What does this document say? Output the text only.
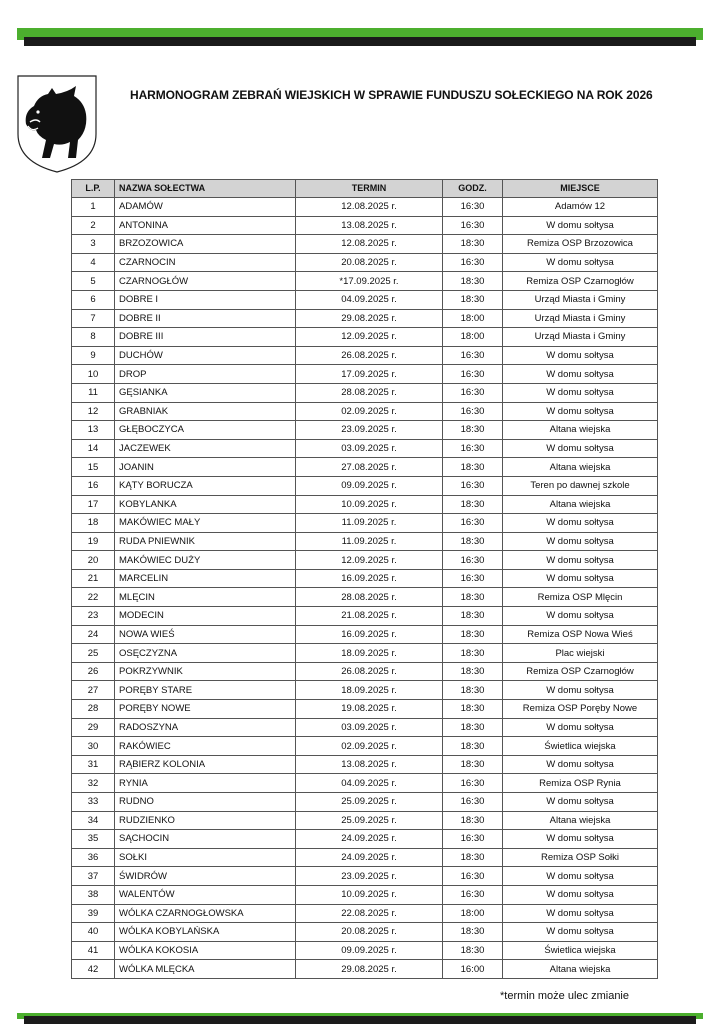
HARMONOGRAM ZEBRAŃ WIEJSKICH W SPRAWIE FUNDUSZU SOŁECKIEGO NA ROK 2026
L.P.	NAZWA SOŁECTWA	TERMIN	GODZ.	MIEJSCE
1	ADAMÓW	12.08.2025 r.	16:30	Adamów 12
2	ANTONINA	13.08.2025 r.	16:30	W domu sołtysa
3	BRZOZOWICA	12.08.2025 r.	18:30	Remiza OSP Brzozowica
4	CZARNOCIN	20.08.2025 r.	16:30	W domu sołtysa
5	CZARNOGŁÓW	*17.09.2025 r.	18:30	Remiza OSP Czarnogłów
6	DOBRE I	04.09.2025 r.	18:30	Urząd Miasta i Gminy
7	DOBRE II	29.08.2025 r.	18:00	Urząd Miasta i Gminy
8	DOBRE III	12.09.2025 r.	18:00	Urząd Miasta i Gminy
9	DUCHÓW	26.08.2025 r.	16:30	W domu sołtysa
10	DROP	17.09.2025 r.	16:30	W domu sołtysa
11	GĘSIANKA	28.08.2025 r.	16:30	W domu sołtysa
12	GRABNIAK	02.09.2025 r.	16:30	W domu sołtysa
13	GŁĘBOCZYCA	23.09.2025 r.	18:30	Altana wiejska
14	JACZEWEK	03.09.2025 r.	16:30	W domu sołtysa
15	JOANIN	27.08.2025 r.	18:30	Altana wiejska
16	KĄTY BORUCZA	09.09.2025 r.	16:30	Teren po dawnej szkole
17	KOBYLANKA	10.09.2025 r.	18:30	Altana wiejska
18	MAKÓWIEC MAŁY	11.09.2025 r.	16:30	W domu sołtysa
19	RUDA PNIEWNIK	11.09.2025 r.	18:30	W domu sołtysa
20	MAKÓWIEC DUŻY	12.09.2025 r.	16:30	W domu sołtysa
21	MARCELIN	16.09.2025 r.	16:30	W domu sołtysa
22	MLĘCIN	28.08.2025 r.	18:30	Remiza OSP Mlęcin
23	MODECIN	21.08.2025 r.	18:30	W domu sołtysa
24	NOWA WIEŚ	16.09.2025 r.	18:30	Remiza OSP Nowa Wieś
25	OSĘCZYZNA	18.09.2025 r.	18:30	Plac wiejski
26	POKRZYWNIK	26.08.2025 r.	18:30	Remiza OSP Czarnogłów
27	PORĘBY STARE	18.09.2025 r.	18:30	W domu sołtysa
28	PORĘBY NOWE	19.08.2025 r.	18:30	Remiza OSP Poręby Nowe
29	RADOSZYNA	03.09.2025 r.	18:30	W domu sołtysa
30	RAKÓWIEC	02.09.2025 r.	18:30	Świetlica wiejska
31	RĄBIERZ KOLONIA	13.08.2025 r.	18:30	W domu sołtysa
32	RYNIA	04.09.2025 r.	16:30	Remiza OSP Rynia
33	RUDNO	25.09.2025 r.	16:30	W domu sołtysa
34	RUDZIENKO	25.09.2025 r.	18:30	Altana wiejska
35	SĄCHOCIN	24.09.2025 r.	16:30	W domu sołtysa
36	SOŁKI	24.09.2025 r.	18:30	Remiza OSP Sołki
37	ŚWIDRÓW	23.09.2025 r.	16:30	W domu sołtysa
38	WALENTÓW	10.09.2025 r.	16:30	W domu sołtysa
39	WÓLKA CZARNOGŁOWSKA	22.08.2025 r.	18:00	W domu sołtysa
40	WÓLKA KOBYLAŃSKA	20.08.2025 r.	18:30	W domu sołtysa
41	WÓLKA KOKOSIA	09.09.2025 r.	18:30	Świetlica wiejska
42	WÓLKA MLĘCKA	29.08.2025 r.	16:00	Altana wiejska
*termin może ulec zmianie
